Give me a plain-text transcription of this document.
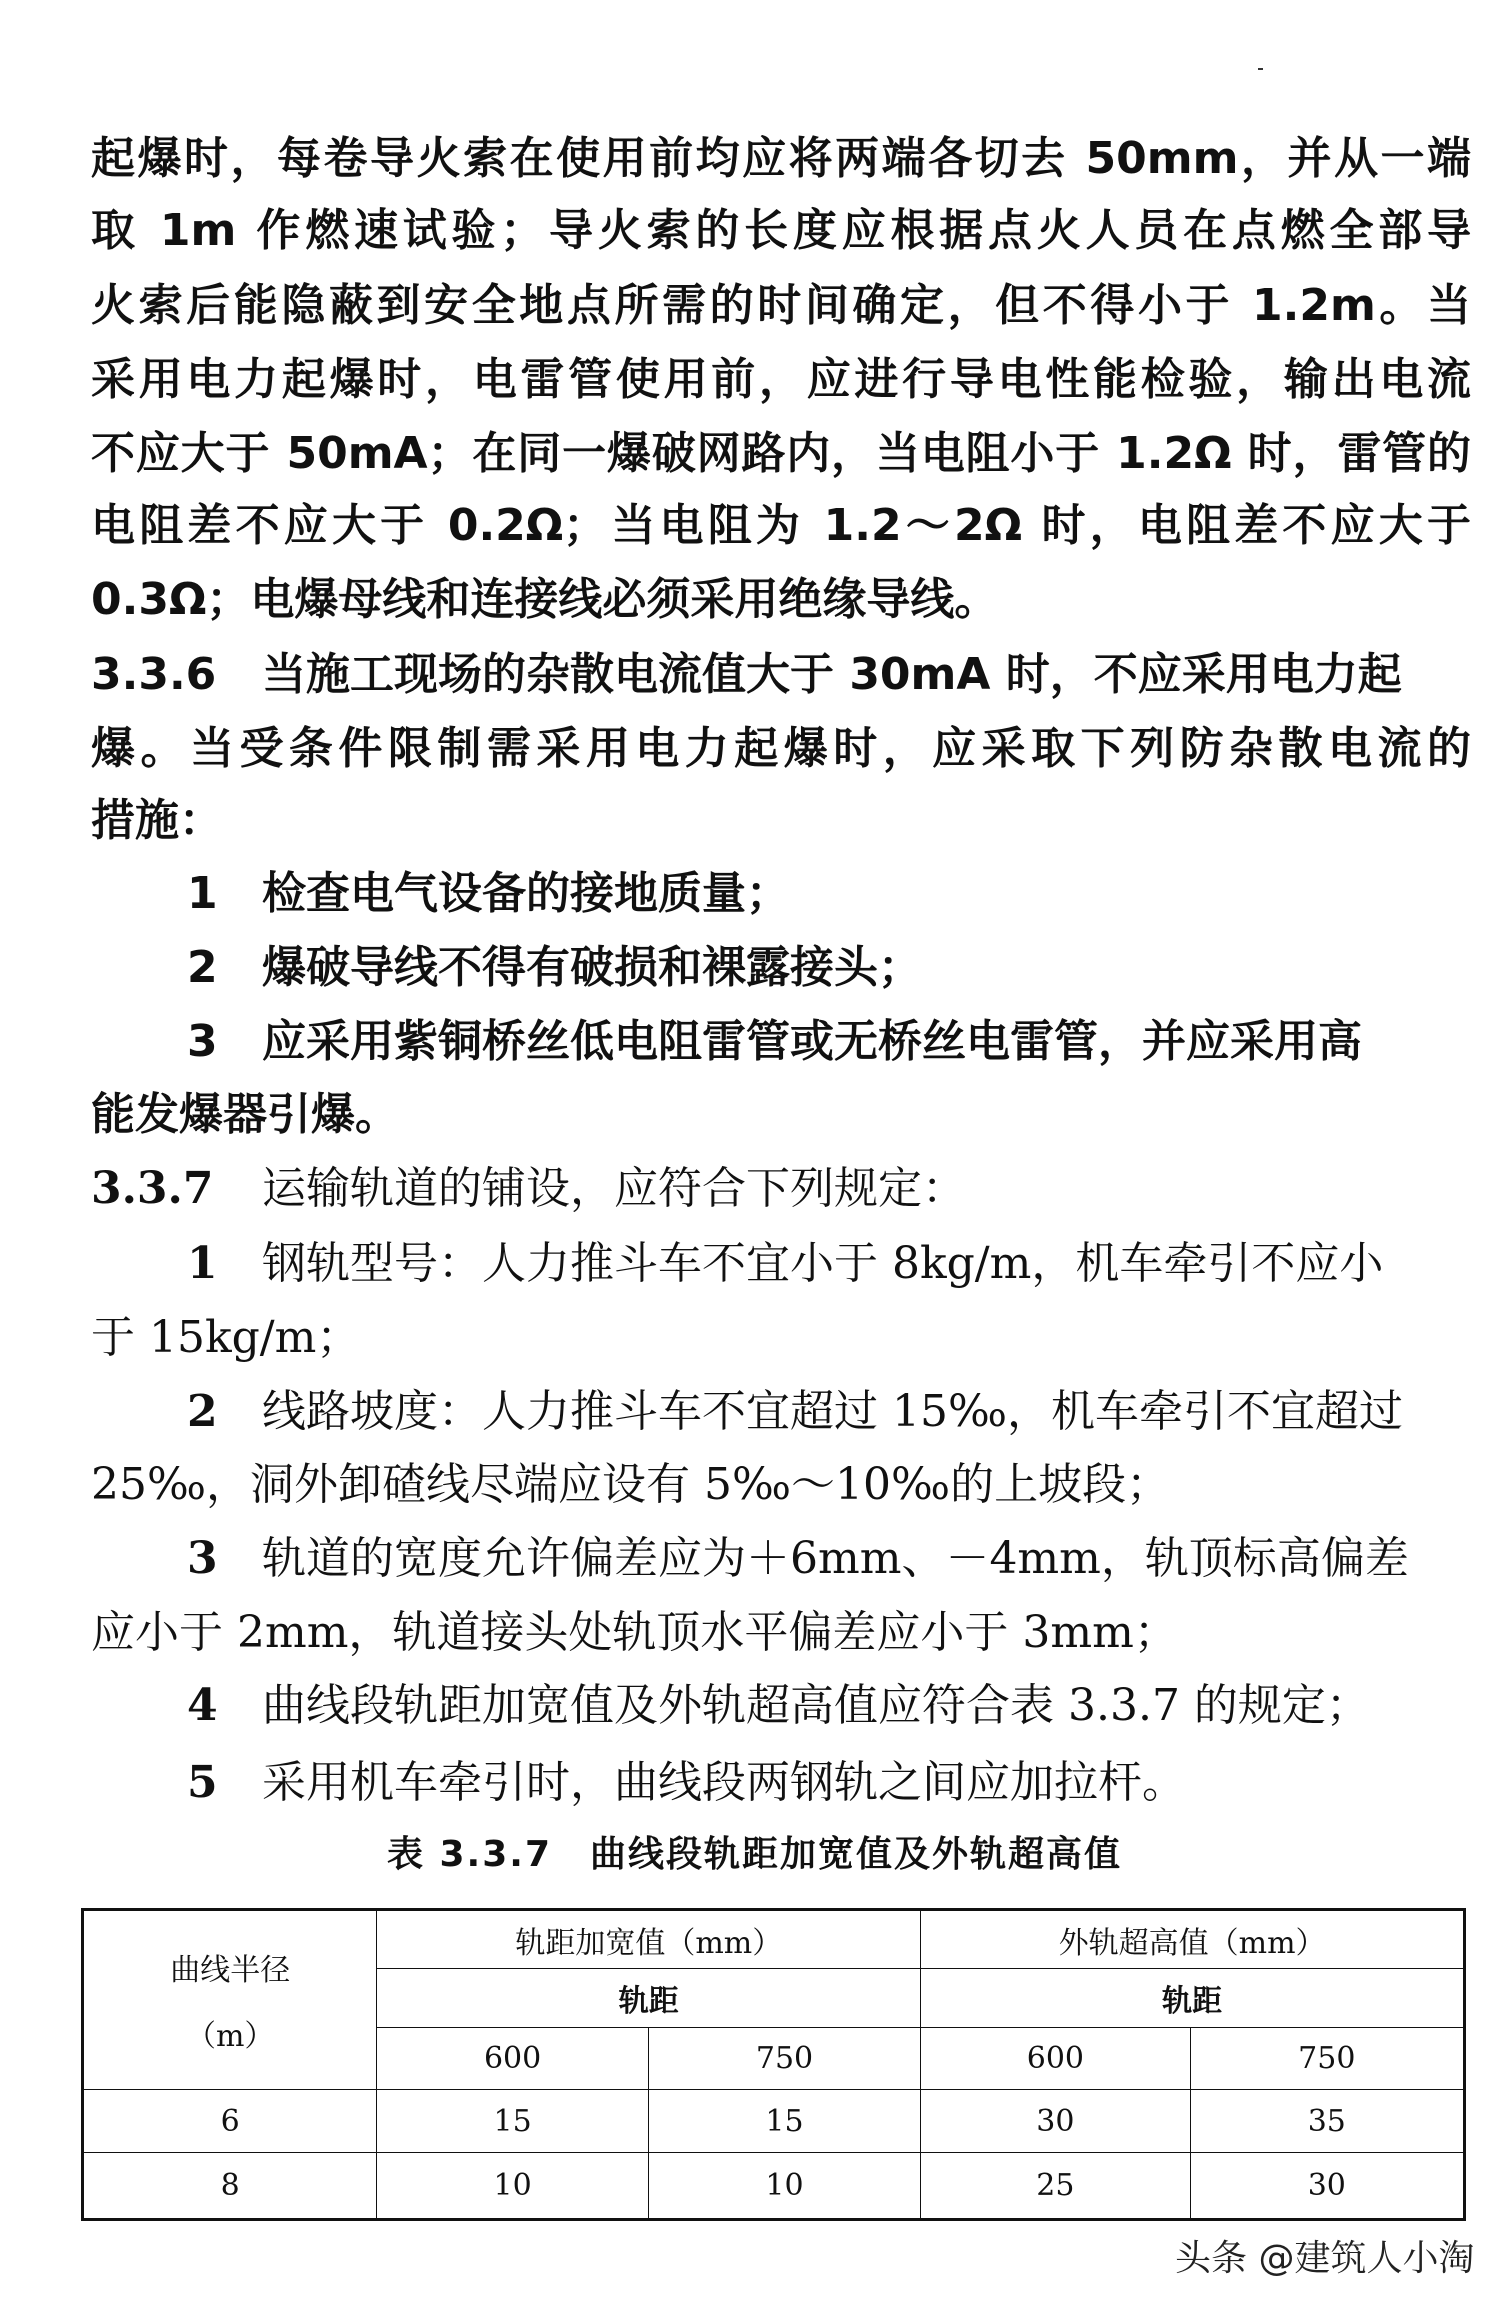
起爆时，每卷导火索在使用前均应将两端各切去 50mm，并从一端
取 1m 作燃速试验；导火索的长度应根据点火人员在点燃全部导
火索后能隐蔽到安全地点所需的时间确定，但不得小于 1.2m。当
采用电力起爆时，电雷管使用前，应进行导电性能检验，输出电流
不应大于 50mA；在同一爆破网路内，当电阻小于 1.2Ω 时，雷管的
电阻差不应大于 0.2Ω；当电阻为 1.2～2Ω 时，电阻差不应大于
0.3Ω；电爆母线和连接线必须采用绝缘导线。
3.3.6 当施工现场的杂散电流值大于 30mA 时，不应采用电力起
爆。当受条件限制需采用电力起爆时，应采取下列防杂散电流的
措施：
1 检查电气设备的接地质量；
2 爆破导线不得有破损和裸露接头；
3 应采用紫铜桥丝低电阻雷管或无桥丝电雷管，并应采用高
能发爆器引爆。
3.3.7 运输轨道的铺设，应符合下列规定：
1 钢轨型号：人力推斗车不宜小于 8kg/m，机车牵引不应小
于 15kg/m；
2 线路坡度：人力推斗车不宜超过 15‰，机车牵引不宜超过
25‰，洞外卸碴线尽端应设有 5‰～10‰的上坡段；
3 轨道的宽度允许偏差应为＋6mm、－4mm，轨顶标高偏差
应小于 2mm，轨道接头处轨顶水平偏差应小于 3mm；
4 曲线段轨距加宽值及外轨超高值应符合表 3.3.7 的规定；
5 采用机车牵引时，曲线段两钢轨之间应加拉杆。
表 3.3.7　曲线段轨距加宽值及外轨超高值
曲线半径
（m）	轨距加宽值（mm）		外轨超高值（mm）	
	轨距		轨距	
	600	750	600	750
6	15	15	30	35
8	10	10	25	30
头条 @建筑人小淘
